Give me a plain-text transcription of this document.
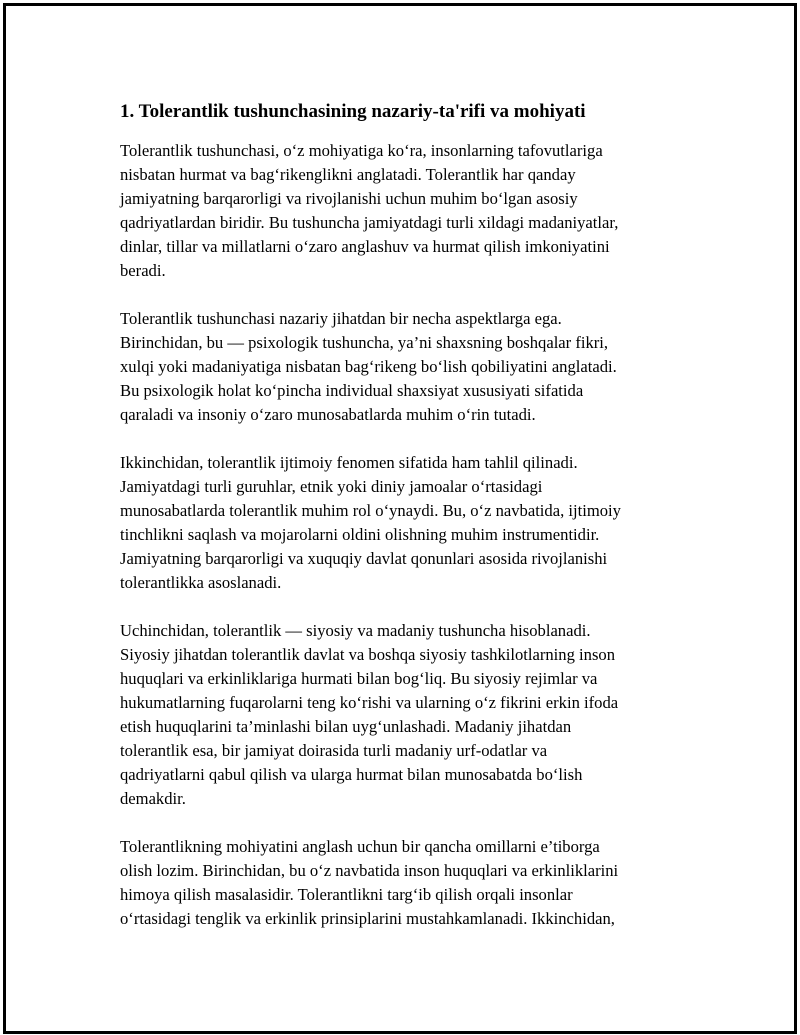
1. Tolerantlik tushunchasining nazariy-ta'rifi va mohiyati

Tolerantlik tushunchasi, o‘z mohiyatiga ko‘ra, insonlarning tafovutlariga
nisbatan hurmat va bag‘rikenglikni anglatadi. Tolerantlik har qanday
jamiyatning barqarorligi va rivojlanishi uchun muhim bo‘lgan asosiy
qadriyatlardan biridir. Bu tushuncha jamiyatdagi turli xildagi madaniyatlar,
dinlar, tillar va millatlarni o‘zaro anglashuv va hurmat qilish imkoniyatini
beradi.

Tolerantlik tushunchasi nazariy jihatdan bir necha aspektlarga ega.
Birinchidan, bu — psixologik tushuncha, ya’ni shaxsning boshqalar fikri,
xulqi yoki madaniyatiga nisbatan bag‘rikeng bo‘lish qobiliyatini anglatadi.
Bu psixologik holat ko‘pincha individual shaxsiyat xususiyati sifatida
qaraladi va insoniy o‘zaro munosabatlarda muhim o‘rin tutadi.

Ikkinchidan, tolerantlik ijtimoiy fenomen sifatida ham tahlil qilinadi.
Jamiyatdagi turli guruhlar, etnik yoki diniy jamoalar o‘rtasidagi
munosabatlarda tolerantlik muhim rol o‘ynaydi. Bu, o‘z navbatida, ijtimoiy
tinchlikni saqlash va mojarolarni oldini olishning muhim instrumentidir.
Jamiyatning barqarorligi va xuquqiy davlat qonunlari asosida rivojlanishi
tolerantlikka asoslanadi.

Uchinchidan, tolerantlik — siyosiy va madaniy tushuncha hisoblanadi.
Siyosiy jihatdan tolerantlik davlat va boshqa siyosiy tashkilotlarning inson
huquqlari va erkinliklariga hurmati bilan bog‘liq. Bu siyosiy rejimlar va
hukumatlarning fuqarolarni teng ko‘rishi va ularning o‘z fikrini erkin ifoda
etish huquqlarini ta’minlashi bilan uyg‘unlashadi. Madaniy jihatdan
tolerantlik esa, bir jamiyat doirasida turli madaniy urf-odatlar va
qadriyatlarni qabul qilish va ularga hurmat bilan munosabatda bo‘lish
demakdir.

Tolerantlikning mohiyatini anglash uchun bir qancha omillarni e’tiborga
olish lozim. Birinchidan, bu o‘z navbatida inson huquqlari va erkinliklarini
himoya qilish masalasidir. Tolerantlikni targ‘ib qilish orqali insonlar
o‘rtasidagi tenglik va erkinlik prinsiplarini mustahkamlanadi. Ikkinchidan,
